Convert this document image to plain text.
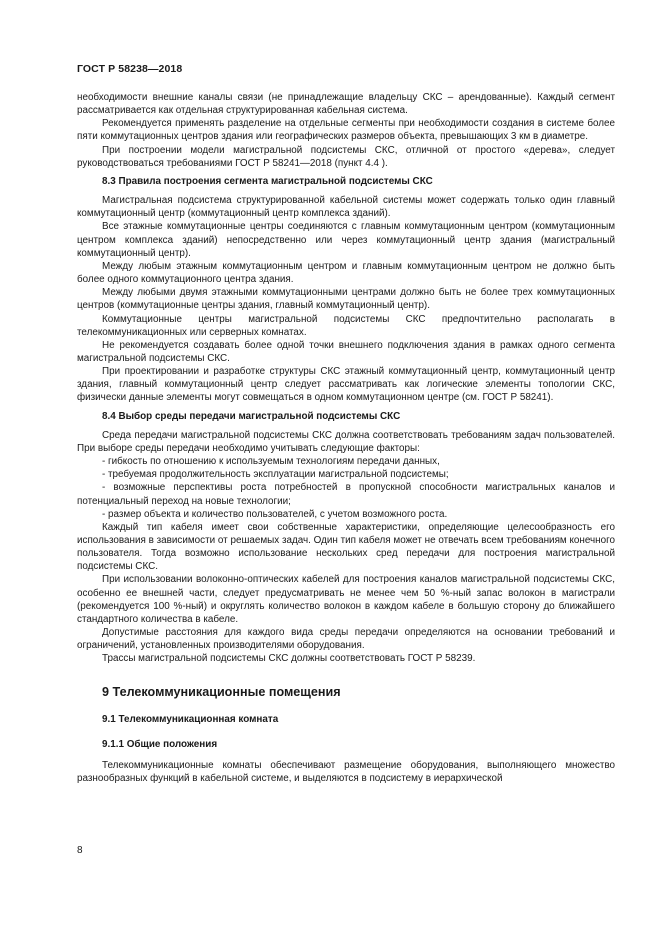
ГОСТ Р 58238—2018

необходимости внешние каналы связи (не принадлежащие владельцу СКС – арендованные). Каждый сегмент рассматривается как отдельная структурированная кабельная система.

Рекомендуется применять разделение на отдельные сегменты при необходимости создания в системе более пяти коммутационных центров здания или географических размеров объекта, превышающих 3 км в диаметре.

При построении модели магистральной подсистемы СКС, отличной от простого «дерева», следует руководствоваться требованиями ГОСТ Р 58241—2018 (пункт 4.4 ).

8.3 Правила построения сегмента магистральной подсистемы СКС

Магистральная подсистема структурированной кабельной системы может содержать только один главный коммутационный центр (коммутационный центр комплекса зданий).

Все этажные коммутационные центры соединяются с главным коммутационным центром (коммутационным центром комплекса зданий) непосредственно или через коммутационный центр здания (магистральный коммутационный центр).

Между любым этажным коммутационным центром и главным коммутационным центром не должно быть более одного коммутационного центра здания.

Между любыми двумя этажными коммутационными центрами должно быть не более трех коммутационных центров (коммутационные центры здания, главный коммутационный центр).

Коммутационные центры магистральной подсистемы СКС предпочтительно располагать в телекоммуникационных или серверных комнатах.

Не рекомендуется создавать более одной точки внешнего подключения здания в рамках одного сегмента магистральной подсистемы СКС.

При проектировании и разработке структуры СКС этажный коммутационный центр, коммутационный центр здания, главный коммутационный центр следует рассматривать как логические элементы топологии СКС, физически данные элементы могут совмещаться в одном коммутационном центре (см. ГОСТ Р 58241).

8.4 Выбор среды передачи магистральной подсистемы СКС

Среда передачи магистральной подсистемы СКС должна соответствовать требованиям задач пользователей. При выборе среды передачи необходимо учитывать следующие факторы:

- гибкость по отношению к используемым технологиям передачи данных,

- требуемая продолжительность эксплуатации магистральной подсистемы;

- возможные перспективы роста потребностей в пропускной способности магистральных каналов и потенциальный переход на новые технологии;

- размер объекта и количество пользователей, с учетом возможного роста.

Каждый тип кабеля имеет свои собственные характеристики, определяющие целесообразность его использования в зависимости от решаемых задач. Один тип кабеля может не отвечать всем требованиям конечного пользователя. Тогда возможно использование нескольких сред передачи для построения магистральной подсистемы СКС.

При использовании волоконно-оптических кабелей для построения каналов магистральной подсистемы СКС, особенно ее внешней части, следует предусматривать не менее чем 50 %-ный запас волокон в магистрали (рекомендуется 100 %-ный) и округлять количество волокон в каждом кабеле в большую сторону до ближайшего стандартного количества в кабеле.

Допустимые расстояния для каждого вида среды передачи определяются на основании требований и ограничений, установленных производителями оборудования.

Трассы магистральной подсистемы СКС должны соответствовать ГОСТ Р 58239.

9 Телекоммуникационные помещения

9.1 Телекоммуникационная комната

9.1.1 Общие положения

Телекоммуникационные комнаты обеспечивают размещение оборудования, выполняющего множество разнообразных функций в кабельной системе, и выделяются в подсистему в иерархической

8
